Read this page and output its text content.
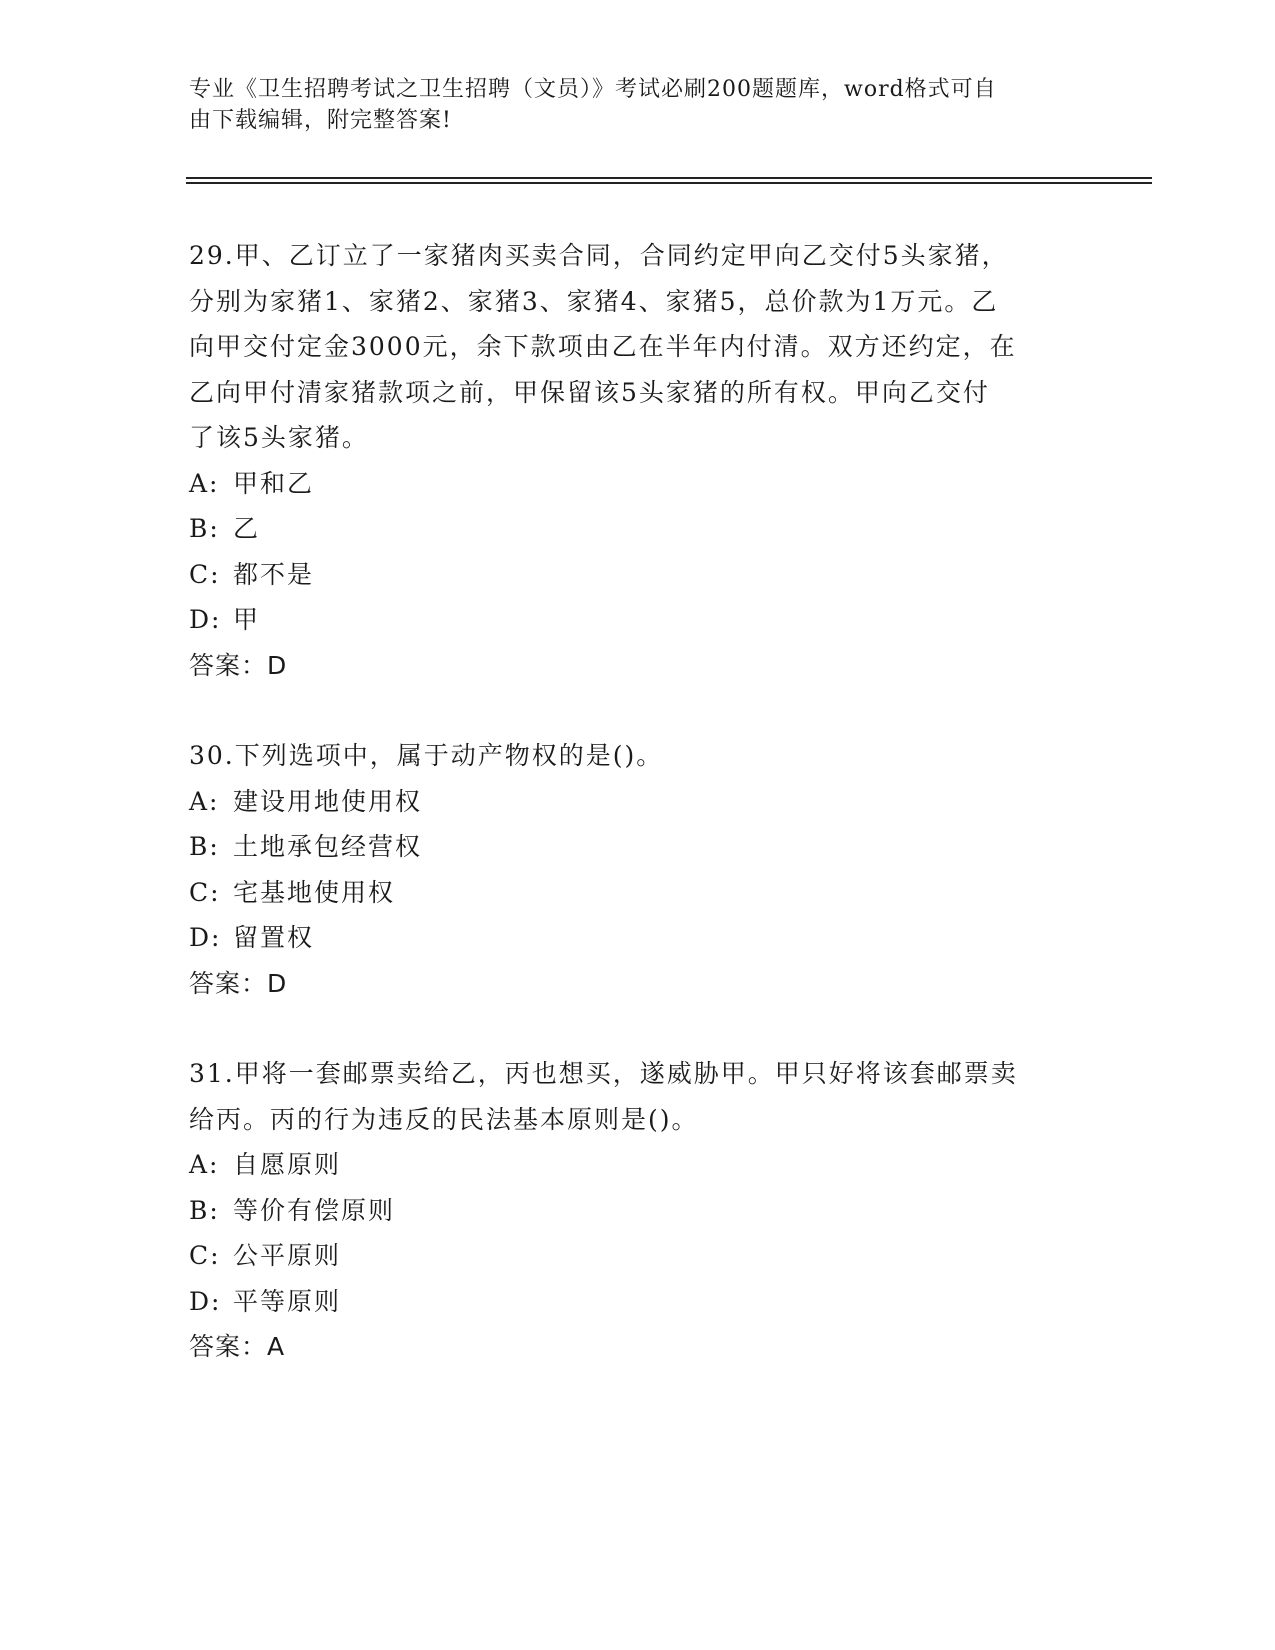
专业《卫生招聘考试之卫生招聘（文员）》考试必刷200题题库，word格式可自
由下载编辑，附完整答案!

29.甲、乙订立了一家猪肉买卖合同，合同约定甲向乙交付5头家猪，

分别为家猪1、家猪2、家猪3、家猪4、家猪5，总价款为1万元。乙

向甲交付定金3000元，余下款项由乙在半年内付清。双方还约定，在

乙向甲付清家猪款项之前，甲保留该5头家猪的所有权。甲向乙交付

了该5头家猪。

A: 甲和乙
B: 乙
C: 都不是
D: 甲
答案：D

30.下列选项中，属于动产物权的是()。

A: 建设用地使用权
B: 土地承包经营权
C: 宅基地使用权
D: 留置权
答案：D

31.甲将一套邮票卖给乙，丙也想买，遂威胁甲。甲只好将该套邮票卖

给丙。丙的行为违反的民法基本原则是()。

A: 自愿原则
B: 等价有偿原则
C: 公平原则
D: 平等原则
答案：A
